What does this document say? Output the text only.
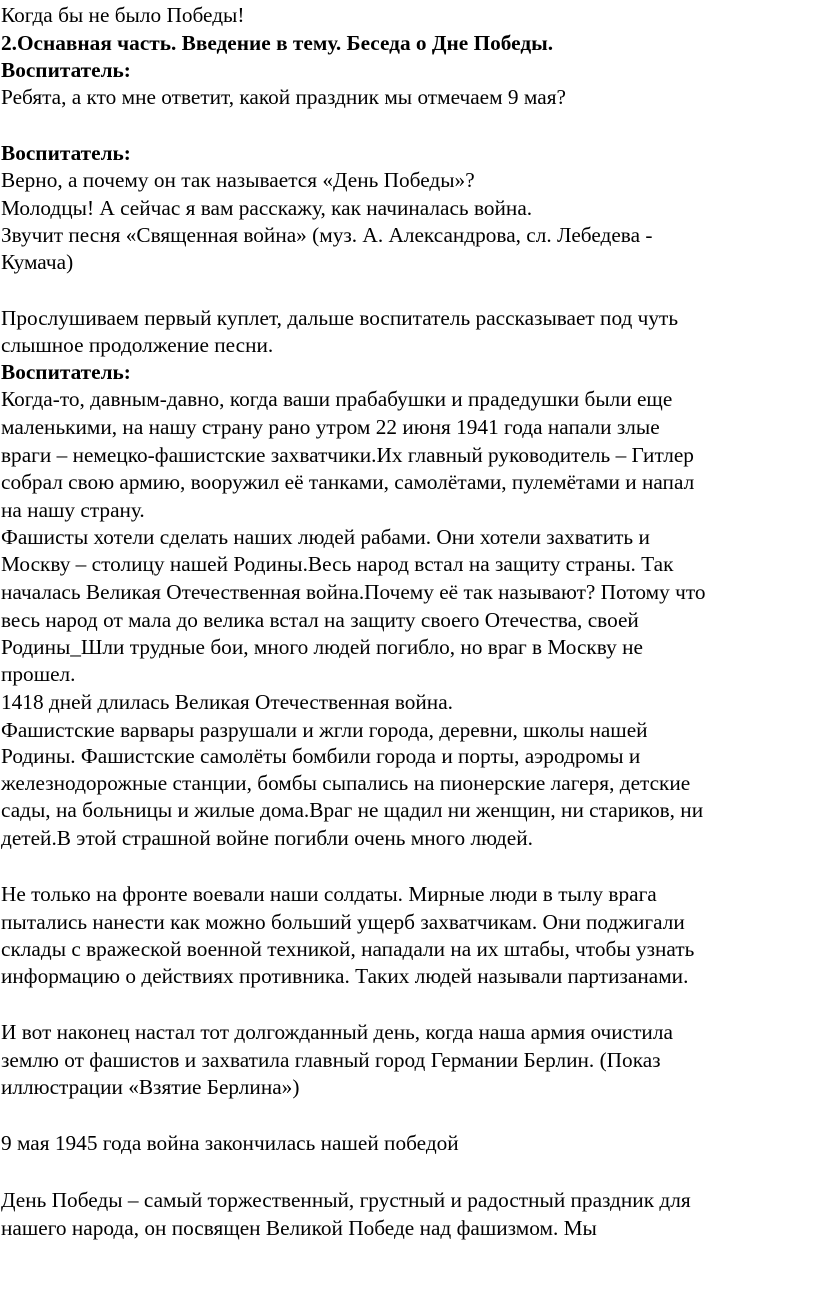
Когда бы не было Победы!
2.Оснавная часть. Введение в тему. Беседа о Дне Победы.
Воспитатель:
Ребята, а кто мне ответит, какой праздник мы отмечаем 9 мая?
Воспитатель:
Верно, а почему он так называется «День Победы»?
Молодцы! А сейчас я вам расскажу, как начиналась война.
Звучит песня «Священная война» (муз. А. Александрова, сл. Лебедева -
Кумача)
Прослушиваем первый куплет, дальше воспитатель рассказывает под чуть
слышное продолжение песни.
Воспитатель:
Когда-то, давным-давно, когда ваши прабабушки и прадедушки были еще
маленькими, на нашу страну рано утром 22 июня 1941 года напали злые
враги – немецко-фашистские захватчики.Их главный руководитель – Гитлер
собрал свою армию, вооружил её танками, самолётами, пулемётами и напал
на нашу страну.
Фашисты хотели сделать наших людей рабами. Они хотели захватить и
Москву – столицу нашей Родины.Весь народ встал на защиту страны. Так
началась Великая Отечественная война.Почему её так называют? Потому что
весь народ от мала до велика встал на защиту своего Отечества, своей
Родины_Шли трудные бои, много людей погибло, но враг в Москву не
прошел.
1418 дней длилась Великая Отечественная война.
Фашистские варвары разрушали и жгли города, деревни, школы нашей
Родины. Фашистские самолёты бомбили города и порты, аэродромы и
железнодорожные станции, бомбы сыпались на пионерские лагеря, детские
сады, на больницы и жилые дома.Враг не щадил ни женщин, ни стариков, ни
детей.В этой страшной войне погибли очень много людей.
Не только на фронте воевали наши солдаты. Мирные люди в тылу врага
пытались нанести как можно больший ущерб захватчикам. Они поджигали
склады с вражеской военной техникой, нападали на их штабы, чтобы узнать
информацию о действиях противника. Таких людей называли партизанами.
И вот наконец настал тот долгожданный день, когда наша армия очистила
землю от фашистов и захватила главный город Германии Берлин. (Показ
иллюстрации «Взятие Берлина»)
9 мая 1945 года война закончилась нашей победой
День Победы – самый торжественный, грустный и радостный праздник для
нашего народа, он посвящен Великой Победе над фашизмом. Мы
